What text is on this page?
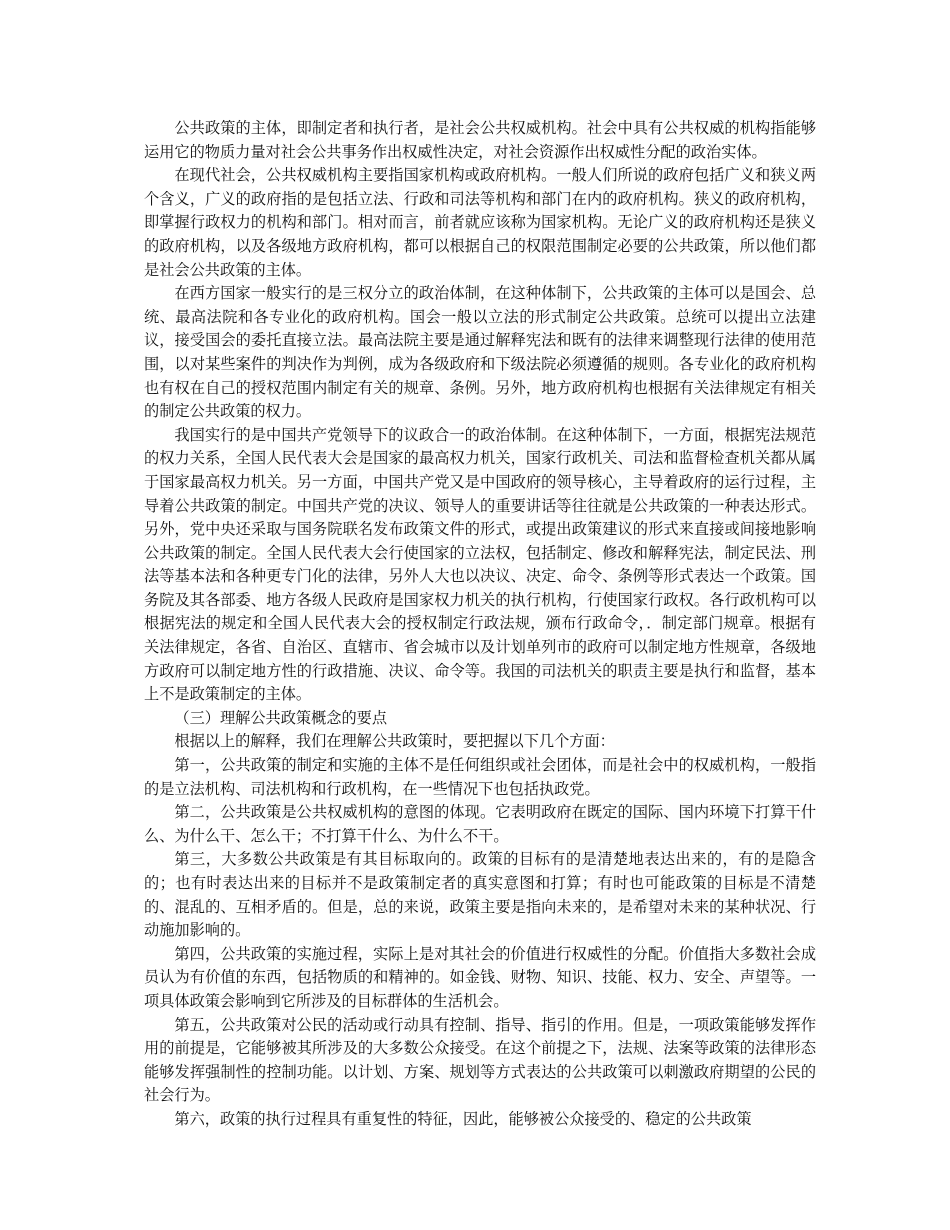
公共政策的主体，即制定者和执行者，是社会公共权威机构。社会中具有公共权威的机构指能够运用它的物质力量对社会公共事务作出权威性决定，对社会资源作出权威性分配的政治实体。

在现代社会，公共权威机构主要指国家机构或政府机构。一般人们所说的政府包括广义和狭义两个含义，广义的政府指的是包括立法、行政和司法等机构和部门在内的政府机构。狭义的政府机构，即掌握行政权力的机构和部门。相对而言，前者就应该称为国家机构。无论广义的政府机构还是狭义的政府机构，以及各级地方政府机构，都可以根据自己的权限范围制定必要的公共政策，所以他们都是社会公共政策的主体。

在西方国家一般实行的是三权分立的政治体制，在这种体制下，公共政策的主体可以是国会、总统、最高法院和各专业化的政府机构。国会一般以立法的形式制定公共政策。总统可以提出立法建议，接受国会的委托直接立法。最高法院主要是通过解释宪法和既有的法律来调整现行法律的使用范围，以对某些案件的判决作为判例，成为各级政府和下级法院必须遵循的规则。各专业化的政府机构也有权在自己的授权范围内制定有关的规章、条例。另外，地方政府机构也根据有关法律规定有相关的制定公共政策的权力。

我国实行的是中国共产党领导下的议政合一的政治体制。在这种体制下，一方面，根据宪法规范的权力关系，全国人民代表大会是国家的最高权力机关，国家行政机关、司法和监督检查机关都从属于国家最高权力机关。另一方面，中国共产党又是中国政府的领导核心，主导着政府的运行过程，主导着公共政策的制定。中国共产党的决议、领导人的重要讲话等往往就是公共政策的一种表达形式。另外，党中央还采取与国务院联名发布政策文件的形式，或提出政策建议的形式来直接或间接地影响公共政策的制定。全国人民代表大会行使国家的立法权，包括制定、修改和解释宪法，制定民法、刑法等基本法和各种更专门化的法律，另外人大也以决议、决定、命令、条例等形式表达一个政策。国务院及其各部委、地方各级人民政府是国家权力机关的执行机构，行使国家行政权。各行政机构可以根据宪法的规定和全国人民代表大会的授权制定行政法规，颁布行政命令，．制定部门规章。根据有关法律规定，各省、自治区、直辖市、省会城市以及计划单列市的政府可以制定地方性规章，各级地方政府可以制定地方性的行政措施、决议、命令等。我国的司法机关的职责主要是执行和监督，基本上不是政策制定的主体。

（三）理解公共政策概念的要点

根据以上的解释，我们在理解公共政策时，要把握以下几个方面：

第一，公共政策的制定和实施的主体不是任何组织或社会团体，而是社会中的权威机构，一般指的是立法机构、司法机构和行政机构，在一些情况下也包括执政党。

第二，公共政策是公共权威机构的意图的体现。它表明政府在既定的国际、国内环境下打算干什么、为什么干、怎么干；不打算干什么、为什么不干。

第三，大多数公共政策是有其目标取向的。政策的目标有的是清楚地表达出来的，有的是隐含的；也有时表达出来的目标并不是政策制定者的真实意图和打算；有时也可能政策的目标是不清楚的、混乱的、互相矛盾的。但是，总的来说，政策主要是指向未来的，是希望对未来的某种状况、行动施加影响的。

第四，公共政策的实施过程，实际上是对其社会的价值进行权威性的分配。价值指大多数社会成员认为有价值的东西，包括物质的和精神的。如金钱、财物、知识、技能、权力、安全、声望等。一项具体政策会影响到它所涉及的目标群体的生活机会。

第五，公共政策对公民的活动或行动具有控制、指导、指引的作用。但是，一项政策能够发挥作用的前提是，它能够被其所涉及的大多数公众接受。在这个前提之下，法规、法案等政策的法律形态能够发挥强制性的控制功能。以计划、方案、规划等方式表达的公共政策可以刺激政府期望的公民的社会行为。

第六，政策的执行过程具有重复性的特征，因此，能够被公众接受的、稳定的公共政策
